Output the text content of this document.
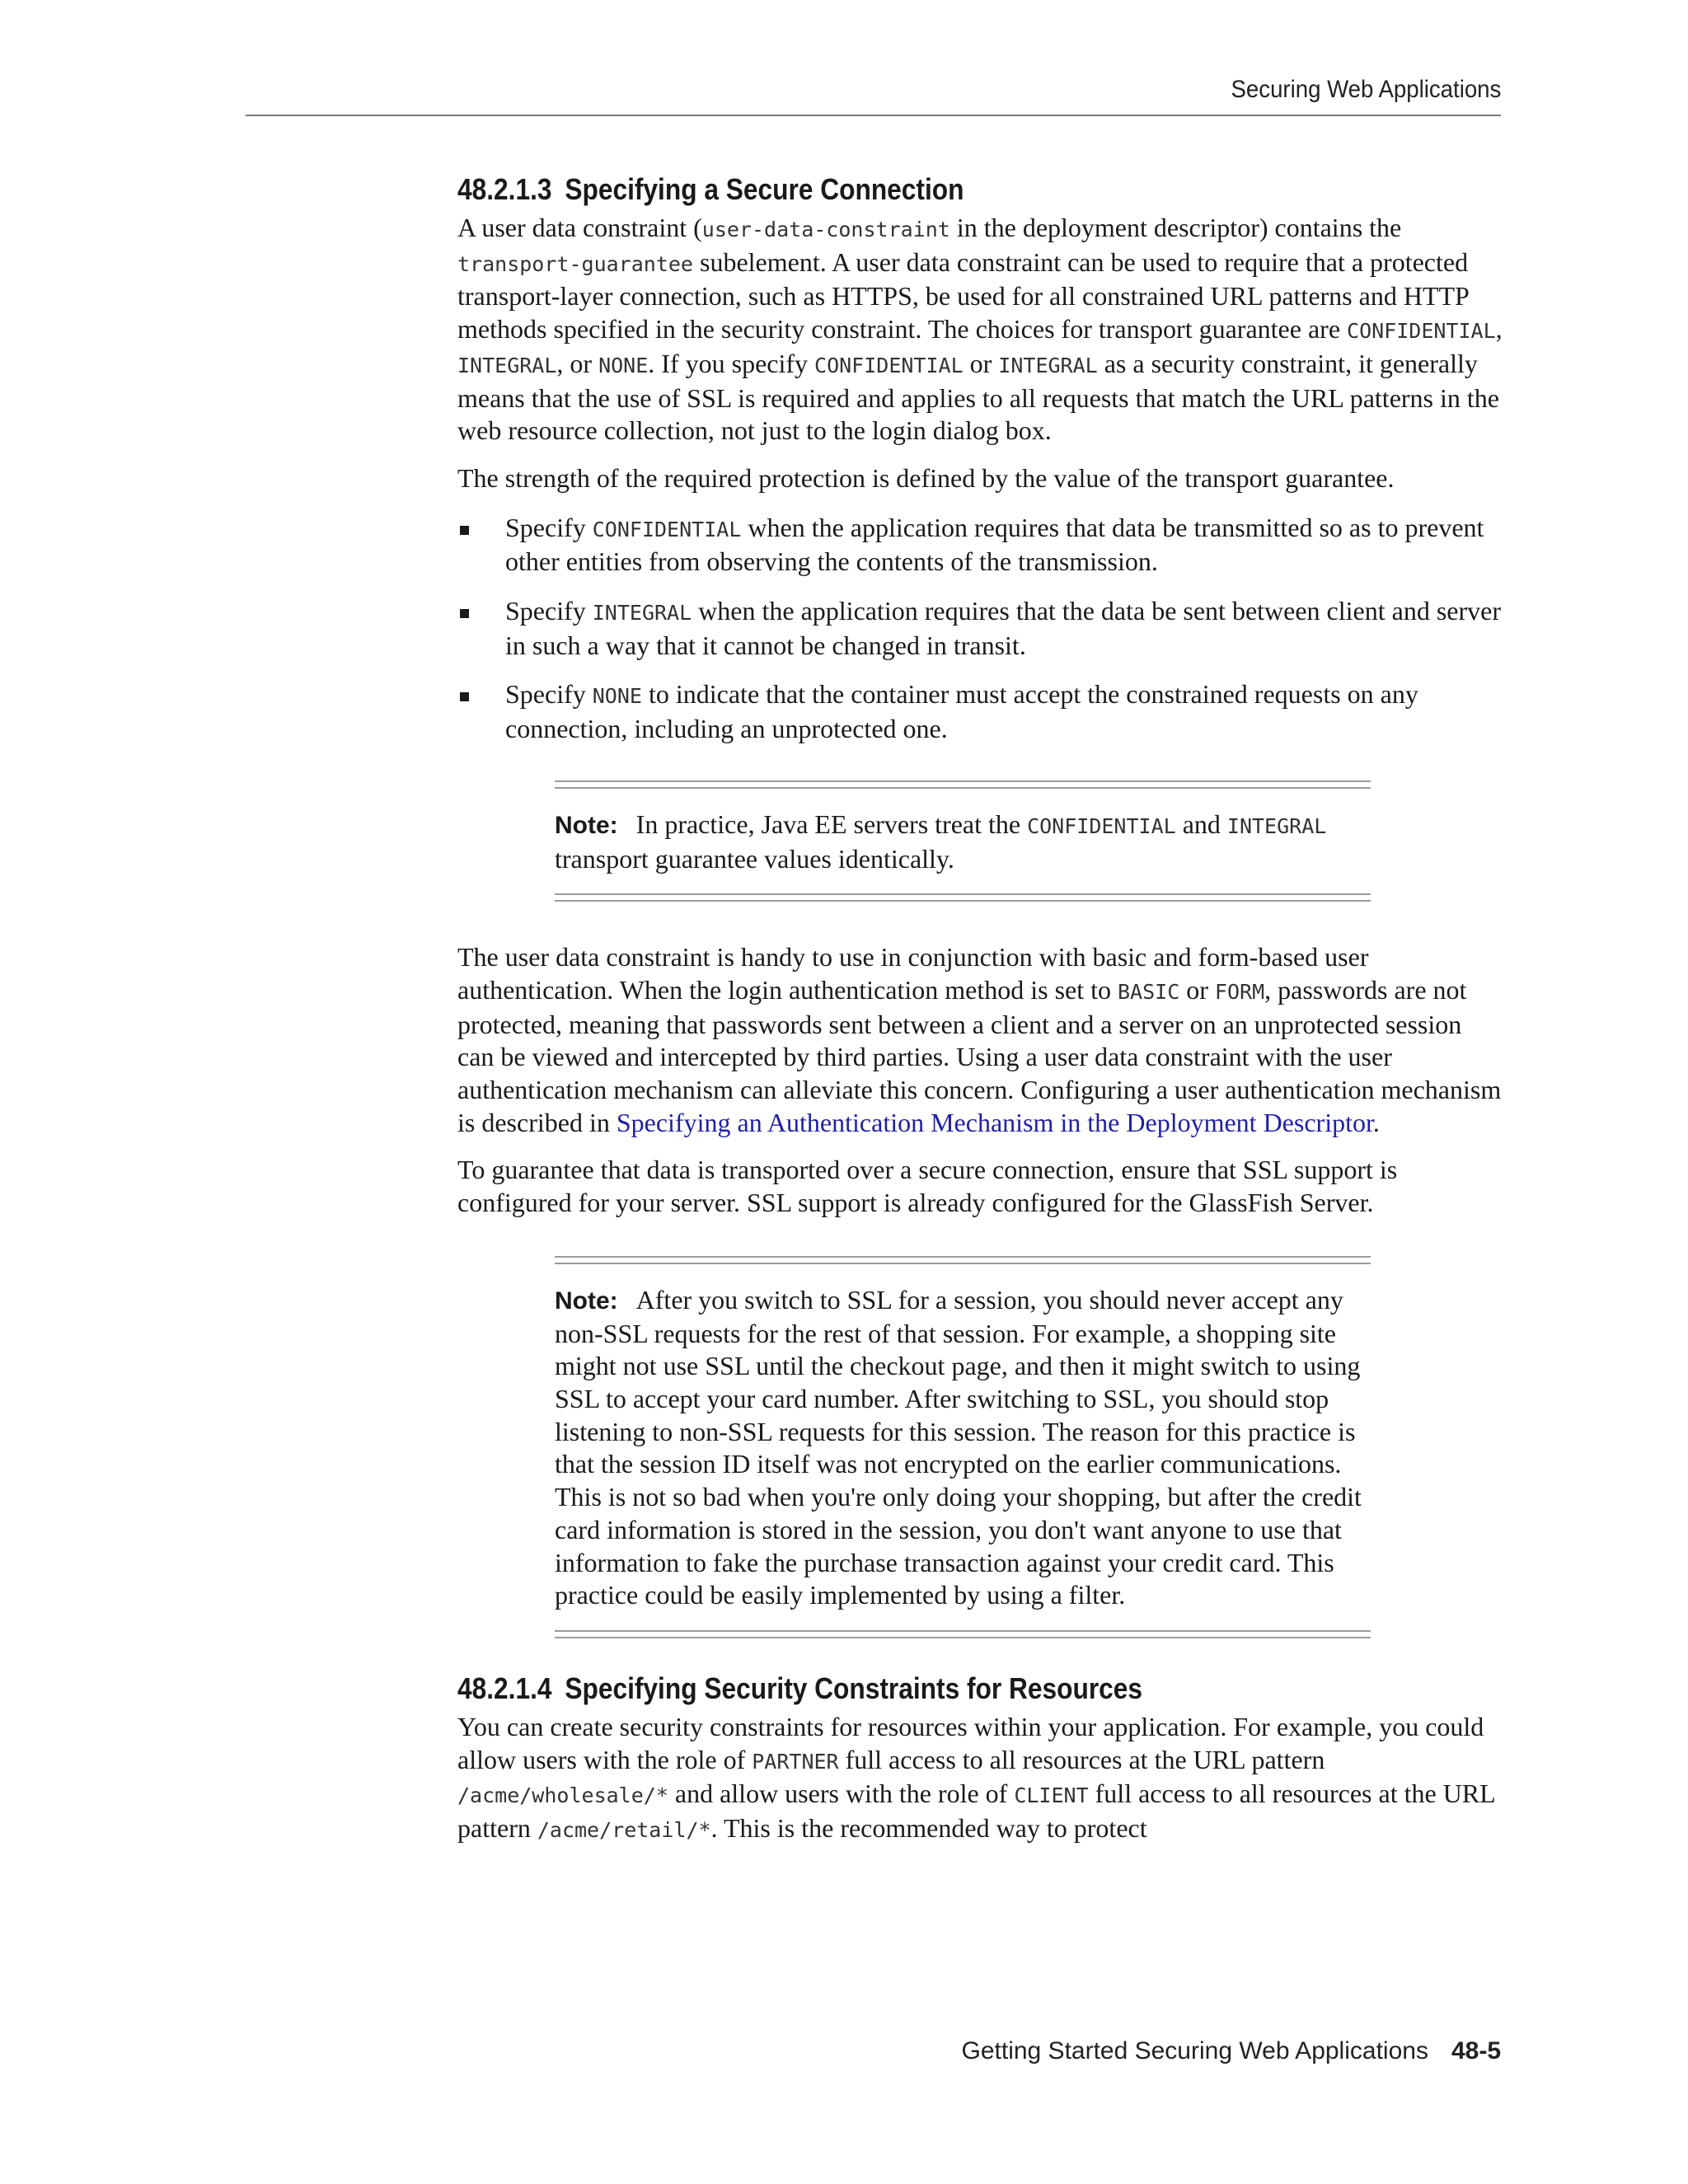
Securing Web Applications
48.2.1.3 Specifying a Secure Connection

A user data constraint (user-data-constraint in the deployment descriptor) contains the transport-guarantee subelement. A user data constraint can be used to require that a protected transport-layer connection, such as HTTPS, be used for all constrained URL patterns and HTTP methods specified in the security constraint. The choices for transport guarantee are CONFIDENTIAL, INTEGRAL, or NONE. If you specify CONFIDENTIAL or INTEGRAL as a security constraint, it generally means that the use of SSL is required and applies to all requests that match the URL patterns in the web resource collection, not just to the login dialog box.

The strength of the required protection is defined by the value of the transport guarantee.

Specify CONFIDENTIAL when the application requires that data be transmitted so as to prevent other entities from observing the contents of the transmission.
Specify INTEGRAL when the application requires that the data be sent between client and server in such a way that it cannot be changed in transit.
Specify NONE to indicate that the container must accept the constrained requests on any connection, including an unprotected one.
Note: In practice, Java EE servers treat the CONFIDENTIAL and INTEGRAL transport guarantee values identically.

The user data constraint is handy to use in conjunction with basic and form-based user authentication. When the login authentication method is set to BASIC or FORM, passwords are not protected, meaning that passwords sent between a client and a server on an unprotected session can be viewed and intercepted by third parties. Using a user data constraint with the user authentication mechanism can alleviate this concern. Configuring a user authentication mechanism is described in Specifying an Authentication Mechanism in the Deployment Descriptor.

To guarantee that data is transported over a secure connection, ensure that SSL support is configured for your server. SSL support is already configured for the GlassFish Server.

Note: After you switch to SSL for a session, you should never accept any non-SSL requests for the rest of that session. For example, a shopping site might not use SSL until the checkout page, and then it might switch to using SSL to accept your card number. After switching to SSL, you should stop listening to non-SSL requests for this session. The reason for this practice is that the session ID itself was not encrypted on the earlier communications. This is not so bad when you're only doing your shopping, but after the credit card information is stored in the session, you don't want anyone to use that information to fake the purchase transaction against your credit card. This practice could be easily implemented by using a filter.
48.2.1.4 Specifying Security Constraints for Resources

You can create security constraints for resources within your application. For example, you could allow users with the role of PARTNER full access to all resources at the URL pattern /acme/wholesale/* and allow users with the role of CLIENT full access to all resources at the URL pattern /acme/retail/*. This is the recommended way to protect

Getting Started Securing Web Applications 48-5
